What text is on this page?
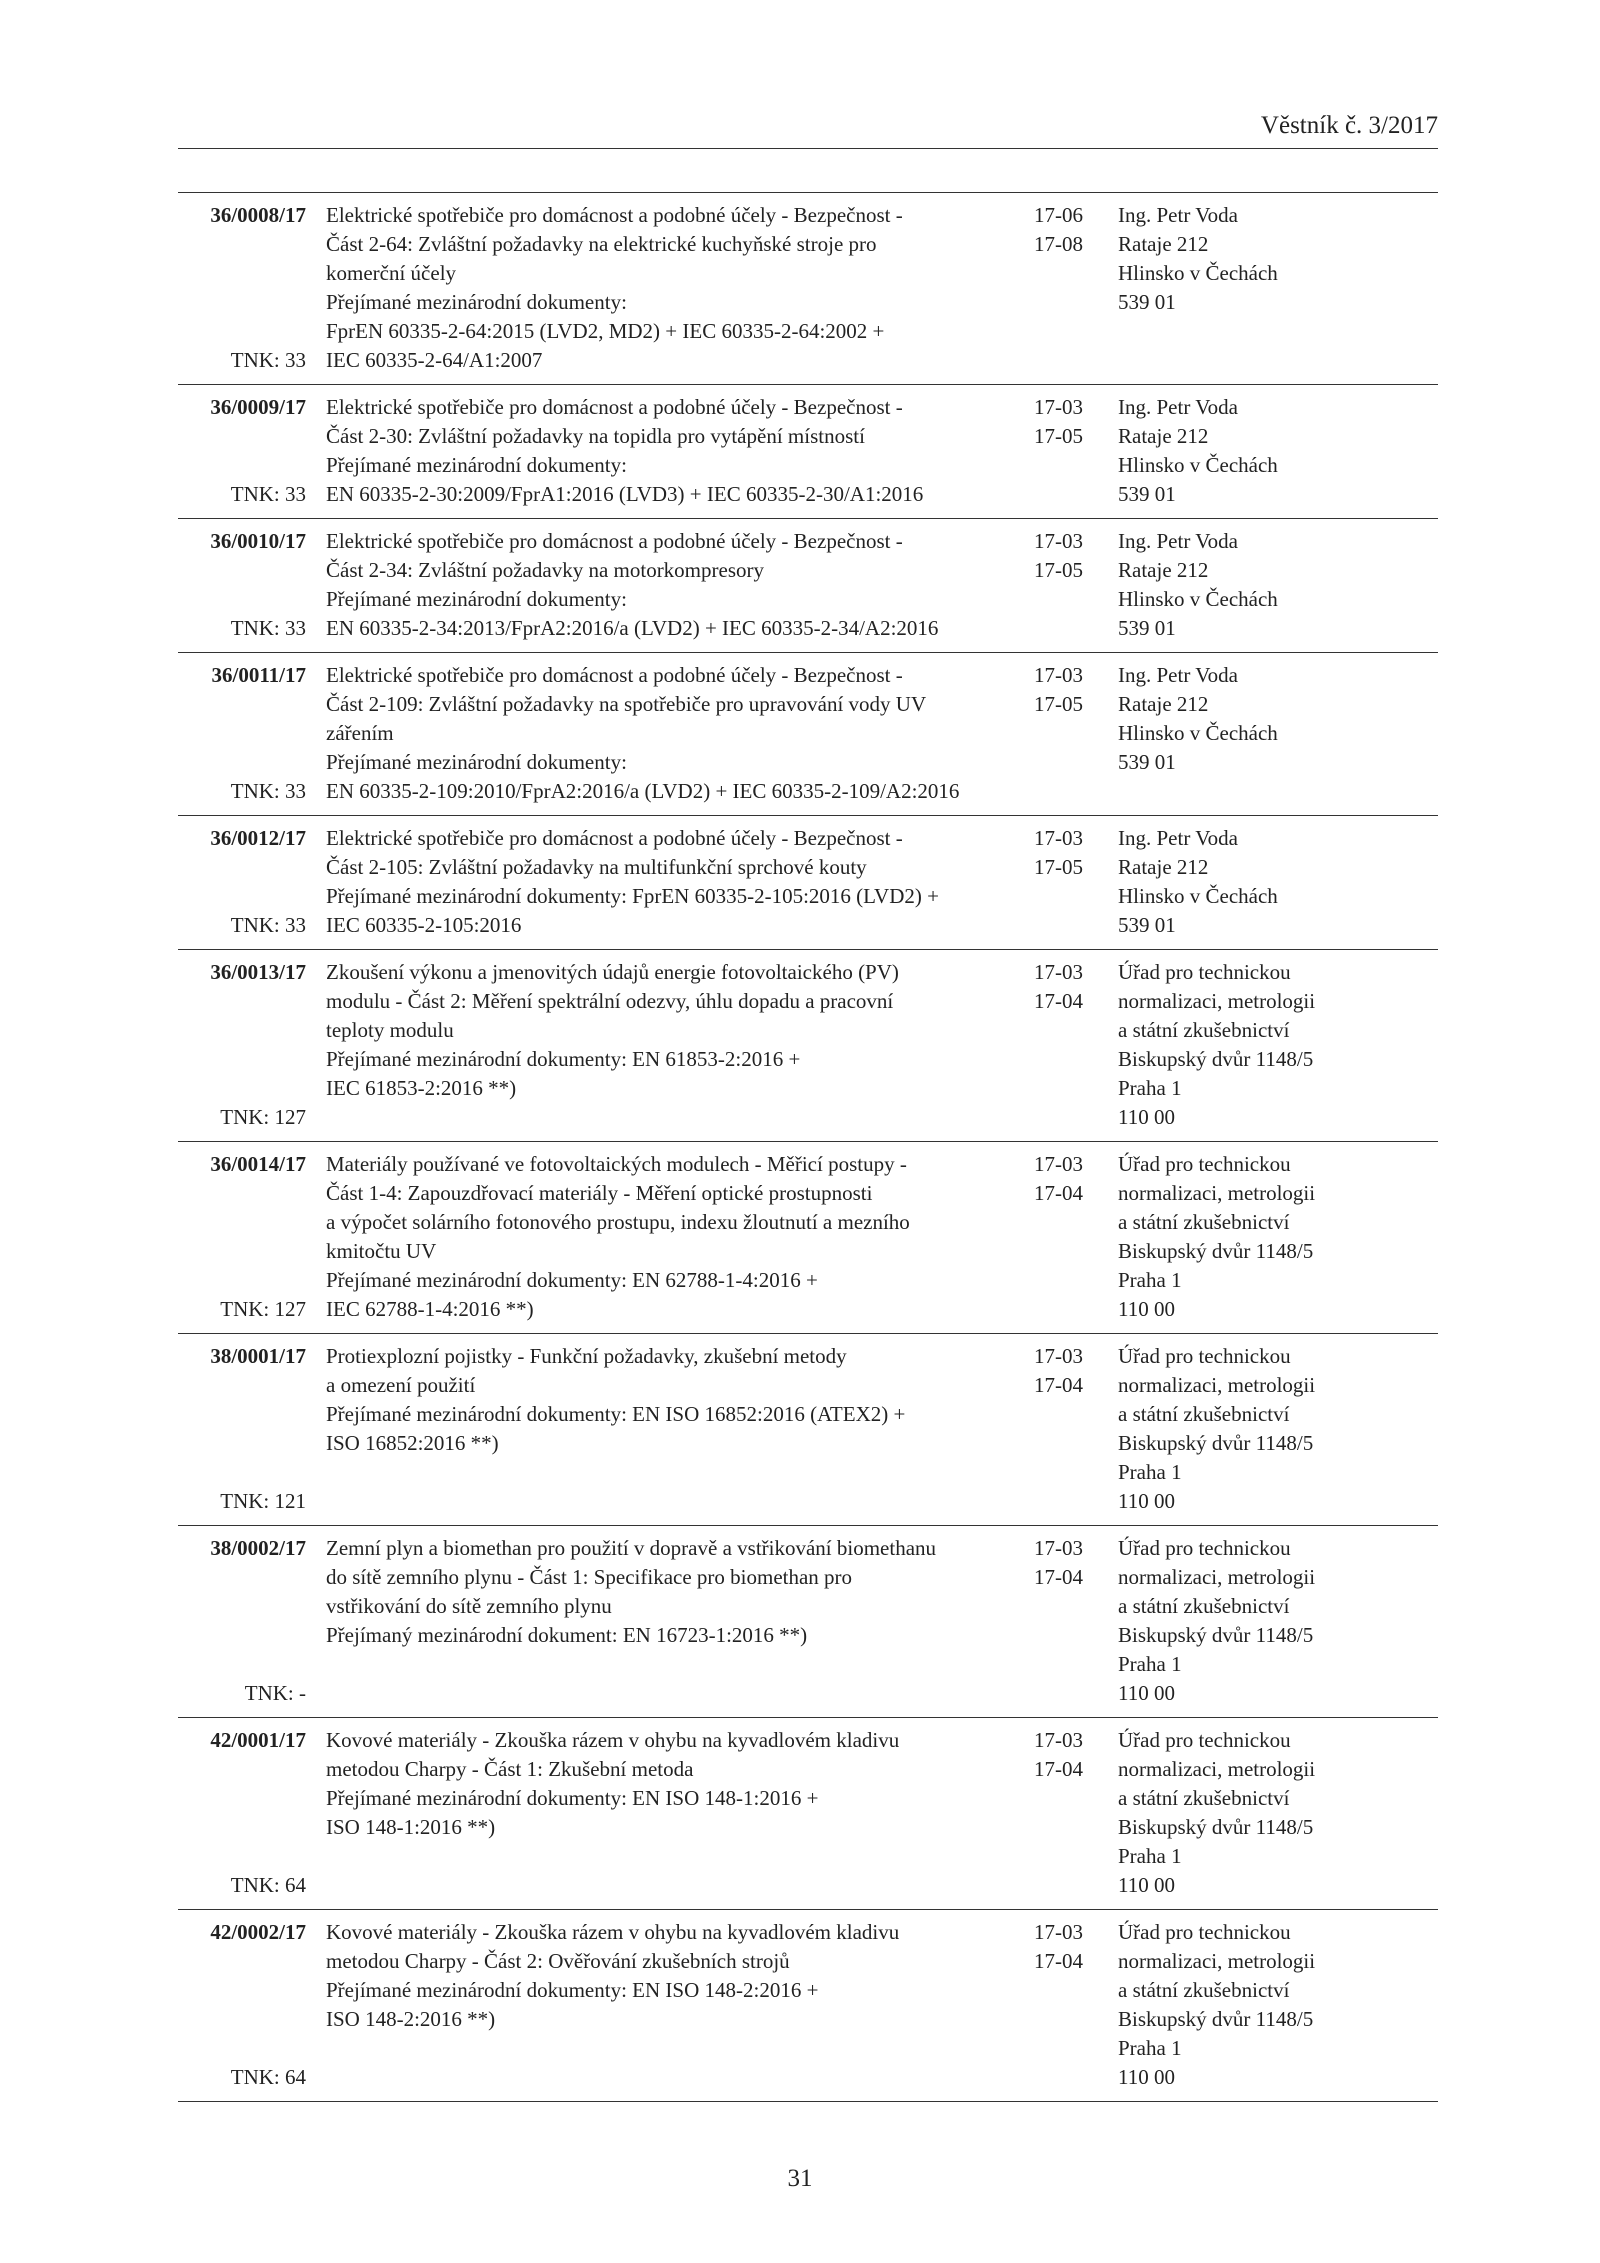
Věstník č. 3/2017
36/0008/17
TNK: 33
Elektrické spotřebiče pro domácnost a podobné účely - Bezpečnost -
Část 2-64: Zvláštní požadavky na elektrické kuchyňské stroje pro
komerční účely
Přejímané mezinárodní dokumenty:
FprEN 60335-2-64:2015 (LVD2, MD2) + IEC 60335-2-64:2002 +
IEC 60335-2-64/A1:2007
17-06
17-08
Ing. Petr Voda
Rataje 212
Hlinsko v Čechách
539 01
36/0009/17
TNK: 33
Elektrické spotřebiče pro domácnost a podobné účely - Bezpečnost -
Část 2-30: Zvláštní požadavky na topidla pro vytápění místností
Přejímané mezinárodní dokumenty:
EN 60335-2-30:2009/FprA1:2016 (LVD3) + IEC 60335-2-30/A1:2016
17-03
17-05
Ing. Petr Voda
Rataje 212
Hlinsko v Čechách
539 01
36/0010/17
TNK: 33
Elektrické spotřebiče pro domácnost a podobné účely - Bezpečnost -
Část 2-34: Zvláštní požadavky na motorkompresory
Přejímané mezinárodní dokumenty:
EN 60335-2-34:2013/FprA2:2016/a (LVD2) + IEC 60335-2-34/A2:2016
17-03
17-05
Ing. Petr Voda
Rataje 212
Hlinsko v Čechách
539 01
36/0011/17
TNK: 33
Elektrické spotřebiče pro domácnost a podobné účely - Bezpečnost -
Část 2-109: Zvláštní požadavky na spotřebiče pro upravování vody UV
zářením
Přejímané mezinárodní dokumenty:
EN 60335-2-109:2010/FprA2:2016/a (LVD2) + IEC 60335-2-109/A2:2016
17-03
17-05
Ing. Petr Voda
Rataje 212
Hlinsko v Čechách
539 01
36/0012/17
TNK: 33
Elektrické spotřebiče pro domácnost a podobné účely - Bezpečnost -
Část 2-105: Zvláštní požadavky na multifunkční sprchové kouty
Přejímané mezinárodní dokumenty: FprEN 60335-2-105:2016 (LVD2) +
IEC 60335-2-105:2016
17-03
17-05
Ing. Petr Voda
Rataje 212
Hlinsko v Čechách
539 01
36/0013/17
TNK: 127
Zkoušení výkonu a jmenovitých údajů energie fotovoltaického (PV)
modulu - Část 2: Měření spektrální odezvy, úhlu dopadu a pracovní
teploty modulu
Přejímané mezinárodní dokumenty: EN 61853-2:2016 +
IEC 61853-2:2016 **)
17-03
17-04
Úřad pro technickou
normalizaci, metrologii
a státní zkušebnictví
Biskupský dvůr 1148/5
Praha 1
110 00
36/0014/17
TNK: 127
Materiály používané ve fotovoltaických modulech - Měřicí postupy -
Část 1-4: Zapouzdřovací materiály - Měření optické prostupnosti
a výpočet solárního fotonového prostupu, indexu žloutnutí a mezního
kmitočtu UV
Přejímané mezinárodní dokumenty: EN 62788-1-4:2016 +
IEC 62788-1-4:2016 **)
17-03
17-04
Úřad pro technickou
normalizaci, metrologii
a státní zkušebnictví
Biskupský dvůr 1148/5
Praha 1
110 00
38/0001/17
TNK: 121
Protiexplozní pojistky - Funkční požadavky, zkušební metody
a omezení použití
Přejímané mezinárodní dokumenty: EN ISO 16852:2016 (ATEX2) +
ISO 16852:2016 **)
17-03
17-04
Úřad pro technickou
normalizaci, metrologii
a státní zkušebnictví
Biskupský dvůr 1148/5
Praha 1
110 00
38/0002/17
TNK: -
Zemní plyn a biomethan pro použití v dopravě a vstřikování biomethanu
do sítě zemního plynu - Část 1: Specifikace pro biomethan pro
vstřikování do sítě zemního plynu
Přejímaný mezinárodní dokument: EN 16723-1:2016 **)
17-03
17-04
Úřad pro technickou
normalizaci, metrologii
a státní zkušebnictví
Biskupský dvůr 1148/5
Praha 1
110 00
42/0001/17
TNK: 64
Kovové materiály - Zkouška rázem v ohybu na kyvadlovém kladivu
metodou Charpy - Část 1: Zkušební metoda
Přejímané mezinárodní dokumenty: EN ISO 148-1:2016 +
ISO 148-1:2016 **)
17-03
17-04
Úřad pro technickou
normalizaci, metrologii
a státní zkušebnictví
Biskupský dvůr 1148/5
Praha 1
110 00
42/0002/17
TNK: 64
Kovové materiály - Zkouška rázem v ohybu na kyvadlovém kladivu
metodou Charpy - Část 2: Ověřování zkušebních strojů
Přejímané mezinárodní dokumenty: EN ISO 148-2:2016 +
ISO 148-2:2016 **)
17-03
17-04
Úřad pro technickou
normalizaci, metrologii
a státní zkušebnictví
Biskupský dvůr 1148/5
Praha 1
110 00
31
